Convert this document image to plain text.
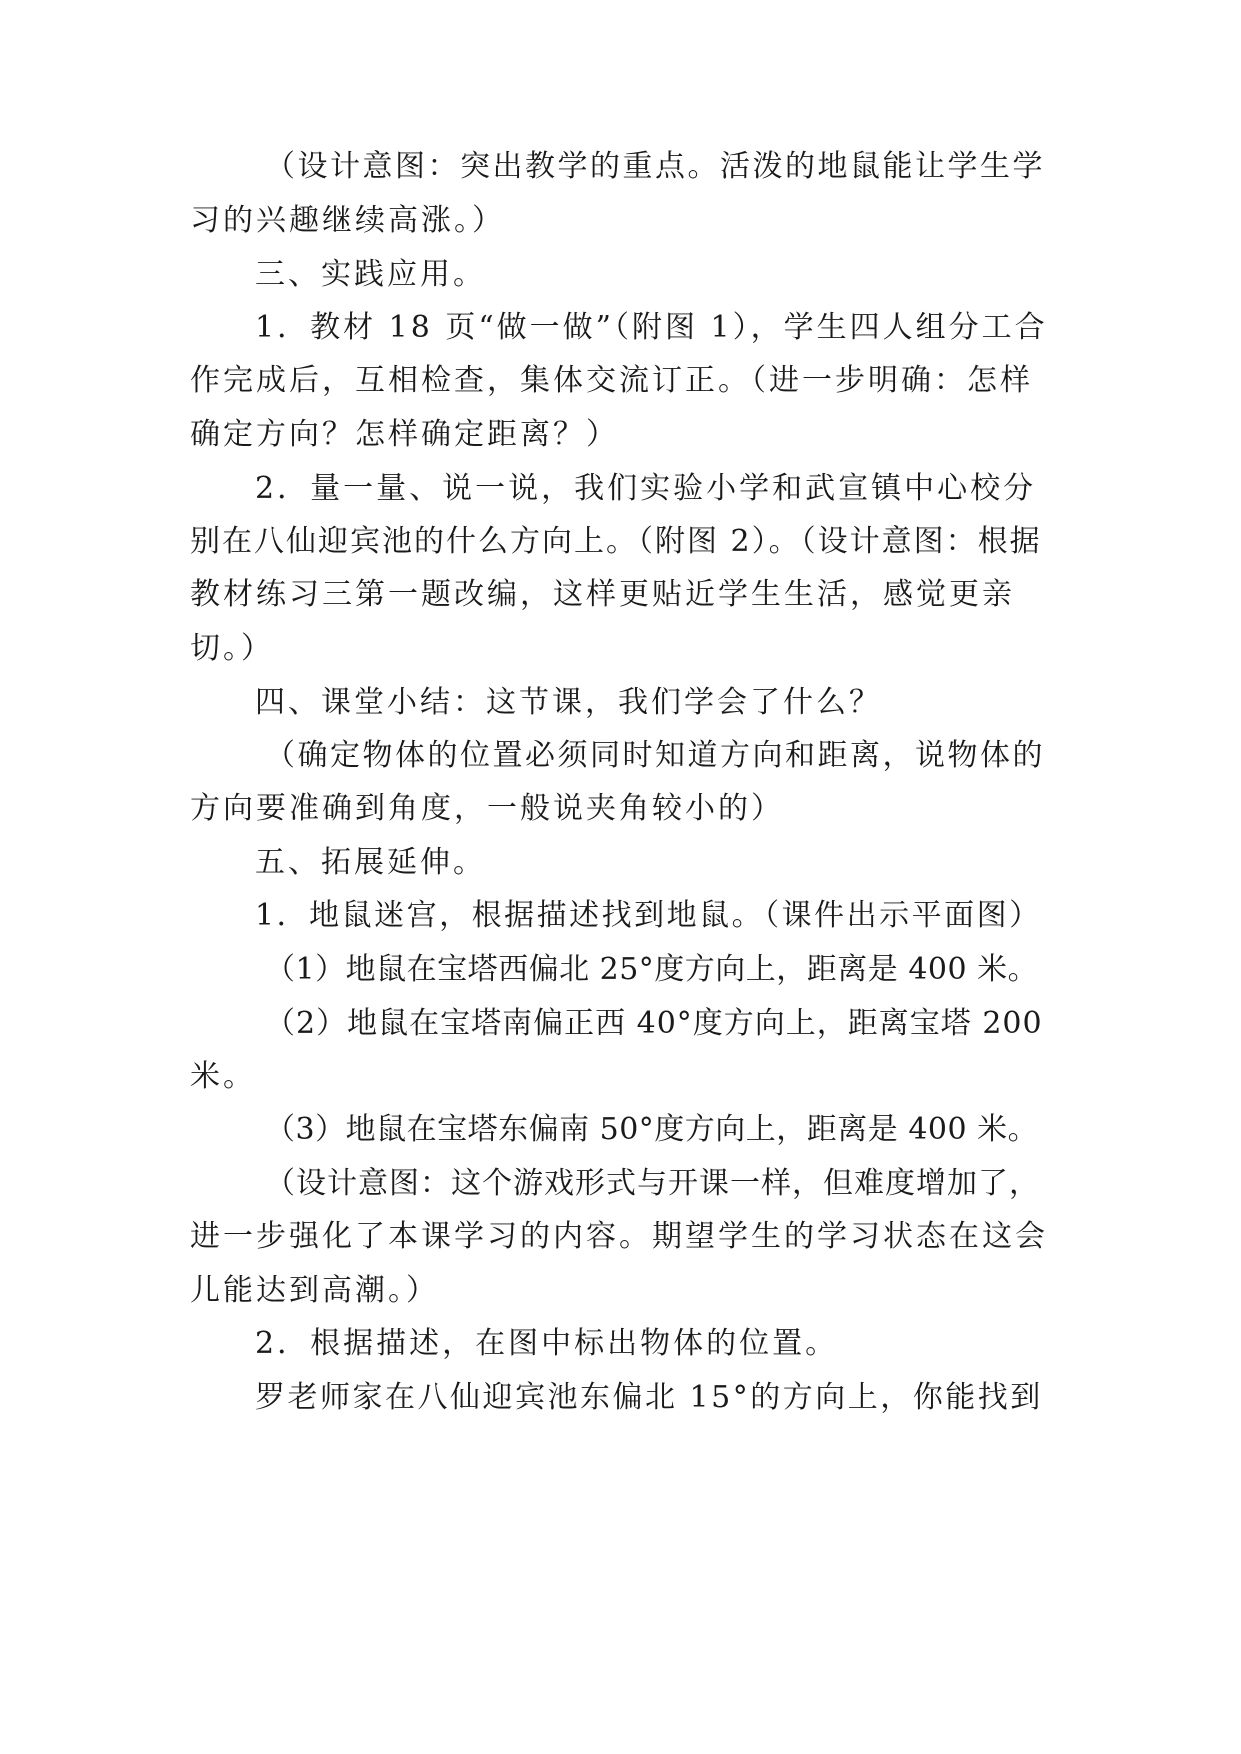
（设计意图：突出教学的重点。活泼的地鼠能让学生学
习的兴趣继续高涨。）
三、实践应用。
1．教材 18 页“做一做”（附图 1），学生四人组分工合
作完成后，互相检查，集体交流订正。（进一步明确：怎样
确定方向？怎样确定距离？）
2．量一量、说一说，我们实验小学和武宣镇中心校分
别在八仙迎宾池的什么方向上。（附图 2）。（设计意图：根据
教材练习三第一题改编，这样更贴近学生生活，感觉更亲
切。）
四、课堂小结：这节课，我们学会了什么？
（确定物体的位置必须同时知道方向和距离，说物体的
方向要准确到角度，一般说夹角较小的）
五、拓展延伸。
1．地鼠迷宫，根据描述找到地鼠。（课件出示平面图）
（1）地鼠在宝塔西偏北 25°度方向上，距离是 400 米。
（2）地鼠在宝塔南偏正西 40°度方向上，距离宝塔 200
米。
（3）地鼠在宝塔东偏南 50°度方向上，距离是 400 米。
（设计意图：这个游戏形式与开课一样，但难度增加了，
进一步强化了本课学习的内容。期望学生的学习状态在这会
儿能达到高潮。）
2．根据描述，在图中标出物体的位置。
罗老师家在八仙迎宾池东偏北 15°的方向上，你能找到
